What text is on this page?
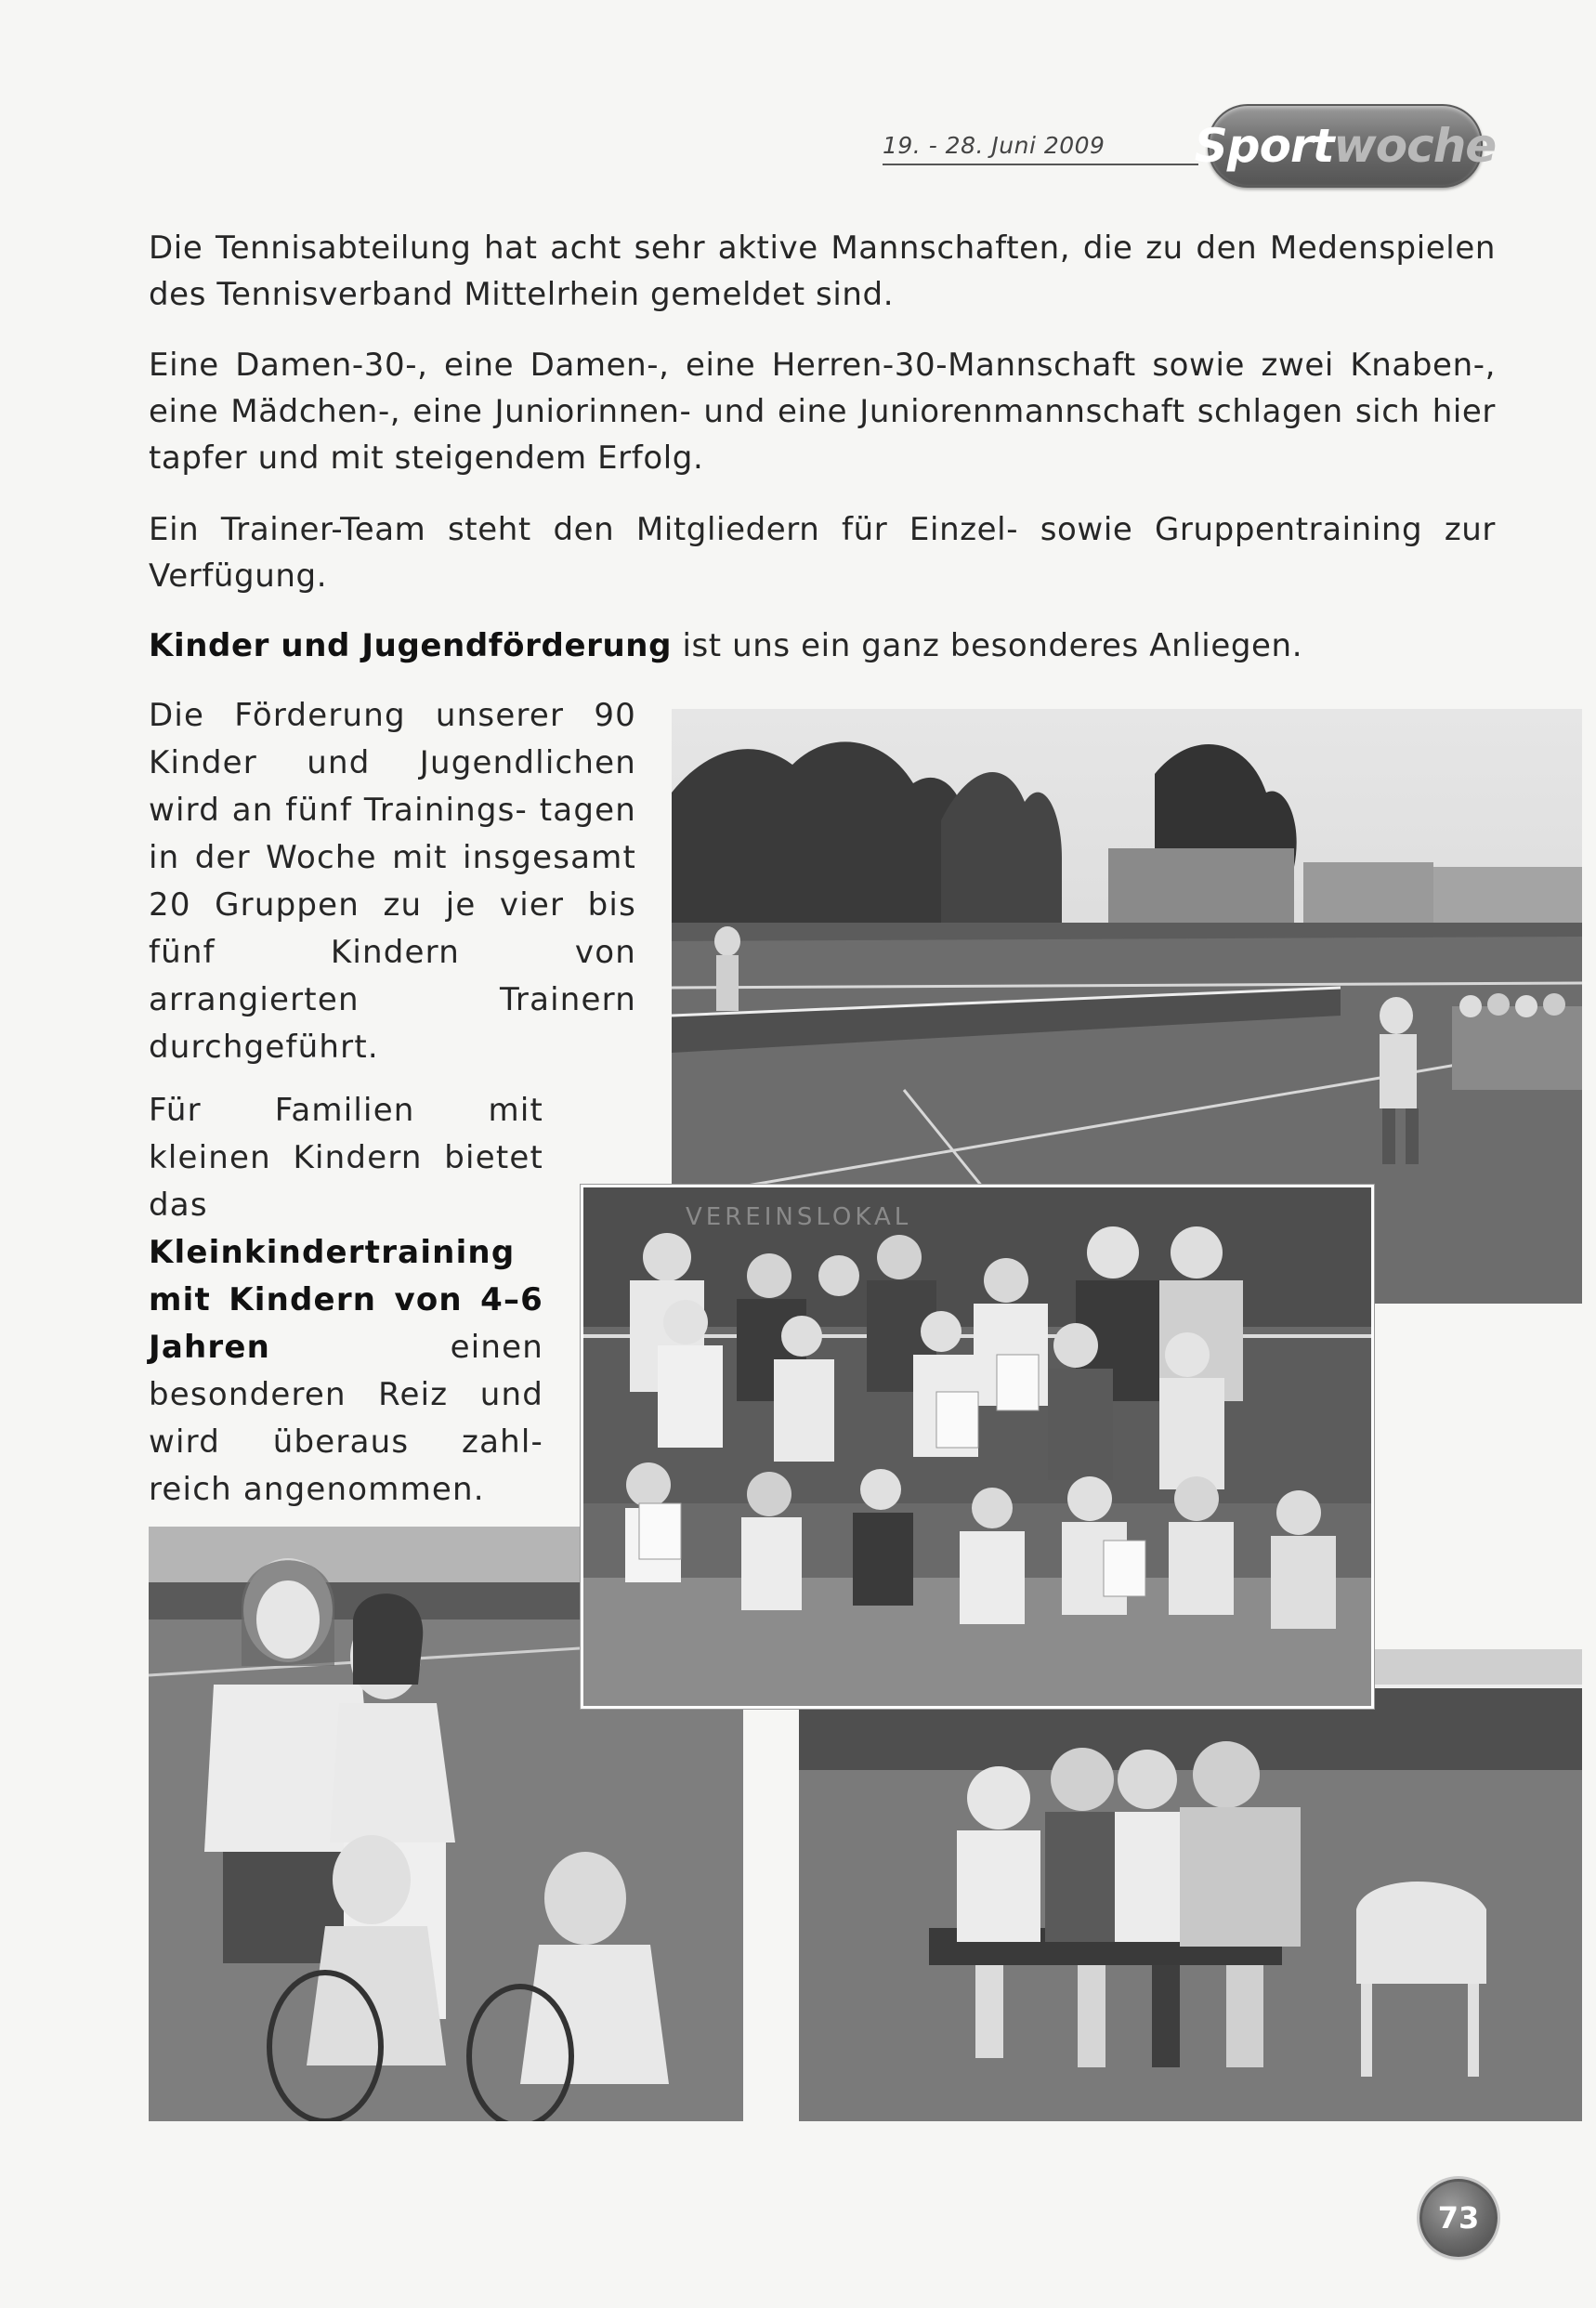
19. - 28. Juni 2009 Sport woche
Die Tennisabteilung hat acht sehr aktive Mannschaften, die zu den Medenspielen des Tennisverband Mittelrhein gemeldet sind.
Eine Damen-30-, eine Damen-, eine Herren-30-Mannschaft sowie zwei Knaben-, eine Mädchen-, eine Juniorinnen- und eine Juniorenmannschaft schlagen sich hier tapfer und mit steigendem Erfolg.
Ein Trainer-Team steht den Mitgliedern für Einzel- sowie Gruppentraining zur Verfügung.
Kinder und Jugendförderung ist uns ein ganz besonderes Anliegen.
Die Förderung unserer 90 Kinder und Jugendlichen wird an fünf Trainings- tagen in der Woche mit insgesamt 20 Gruppen zu je vier bis fünf Kindern von arrangierten Trainern durchgeführt.
Für Familien mit kleinen Kindern bietet das Kleinkindertraining mit Kindern von 4–6 Jahren einen besonderen Reiz und wird überaus zahl- reich angenommen.
VEREINSLOKAL
73
